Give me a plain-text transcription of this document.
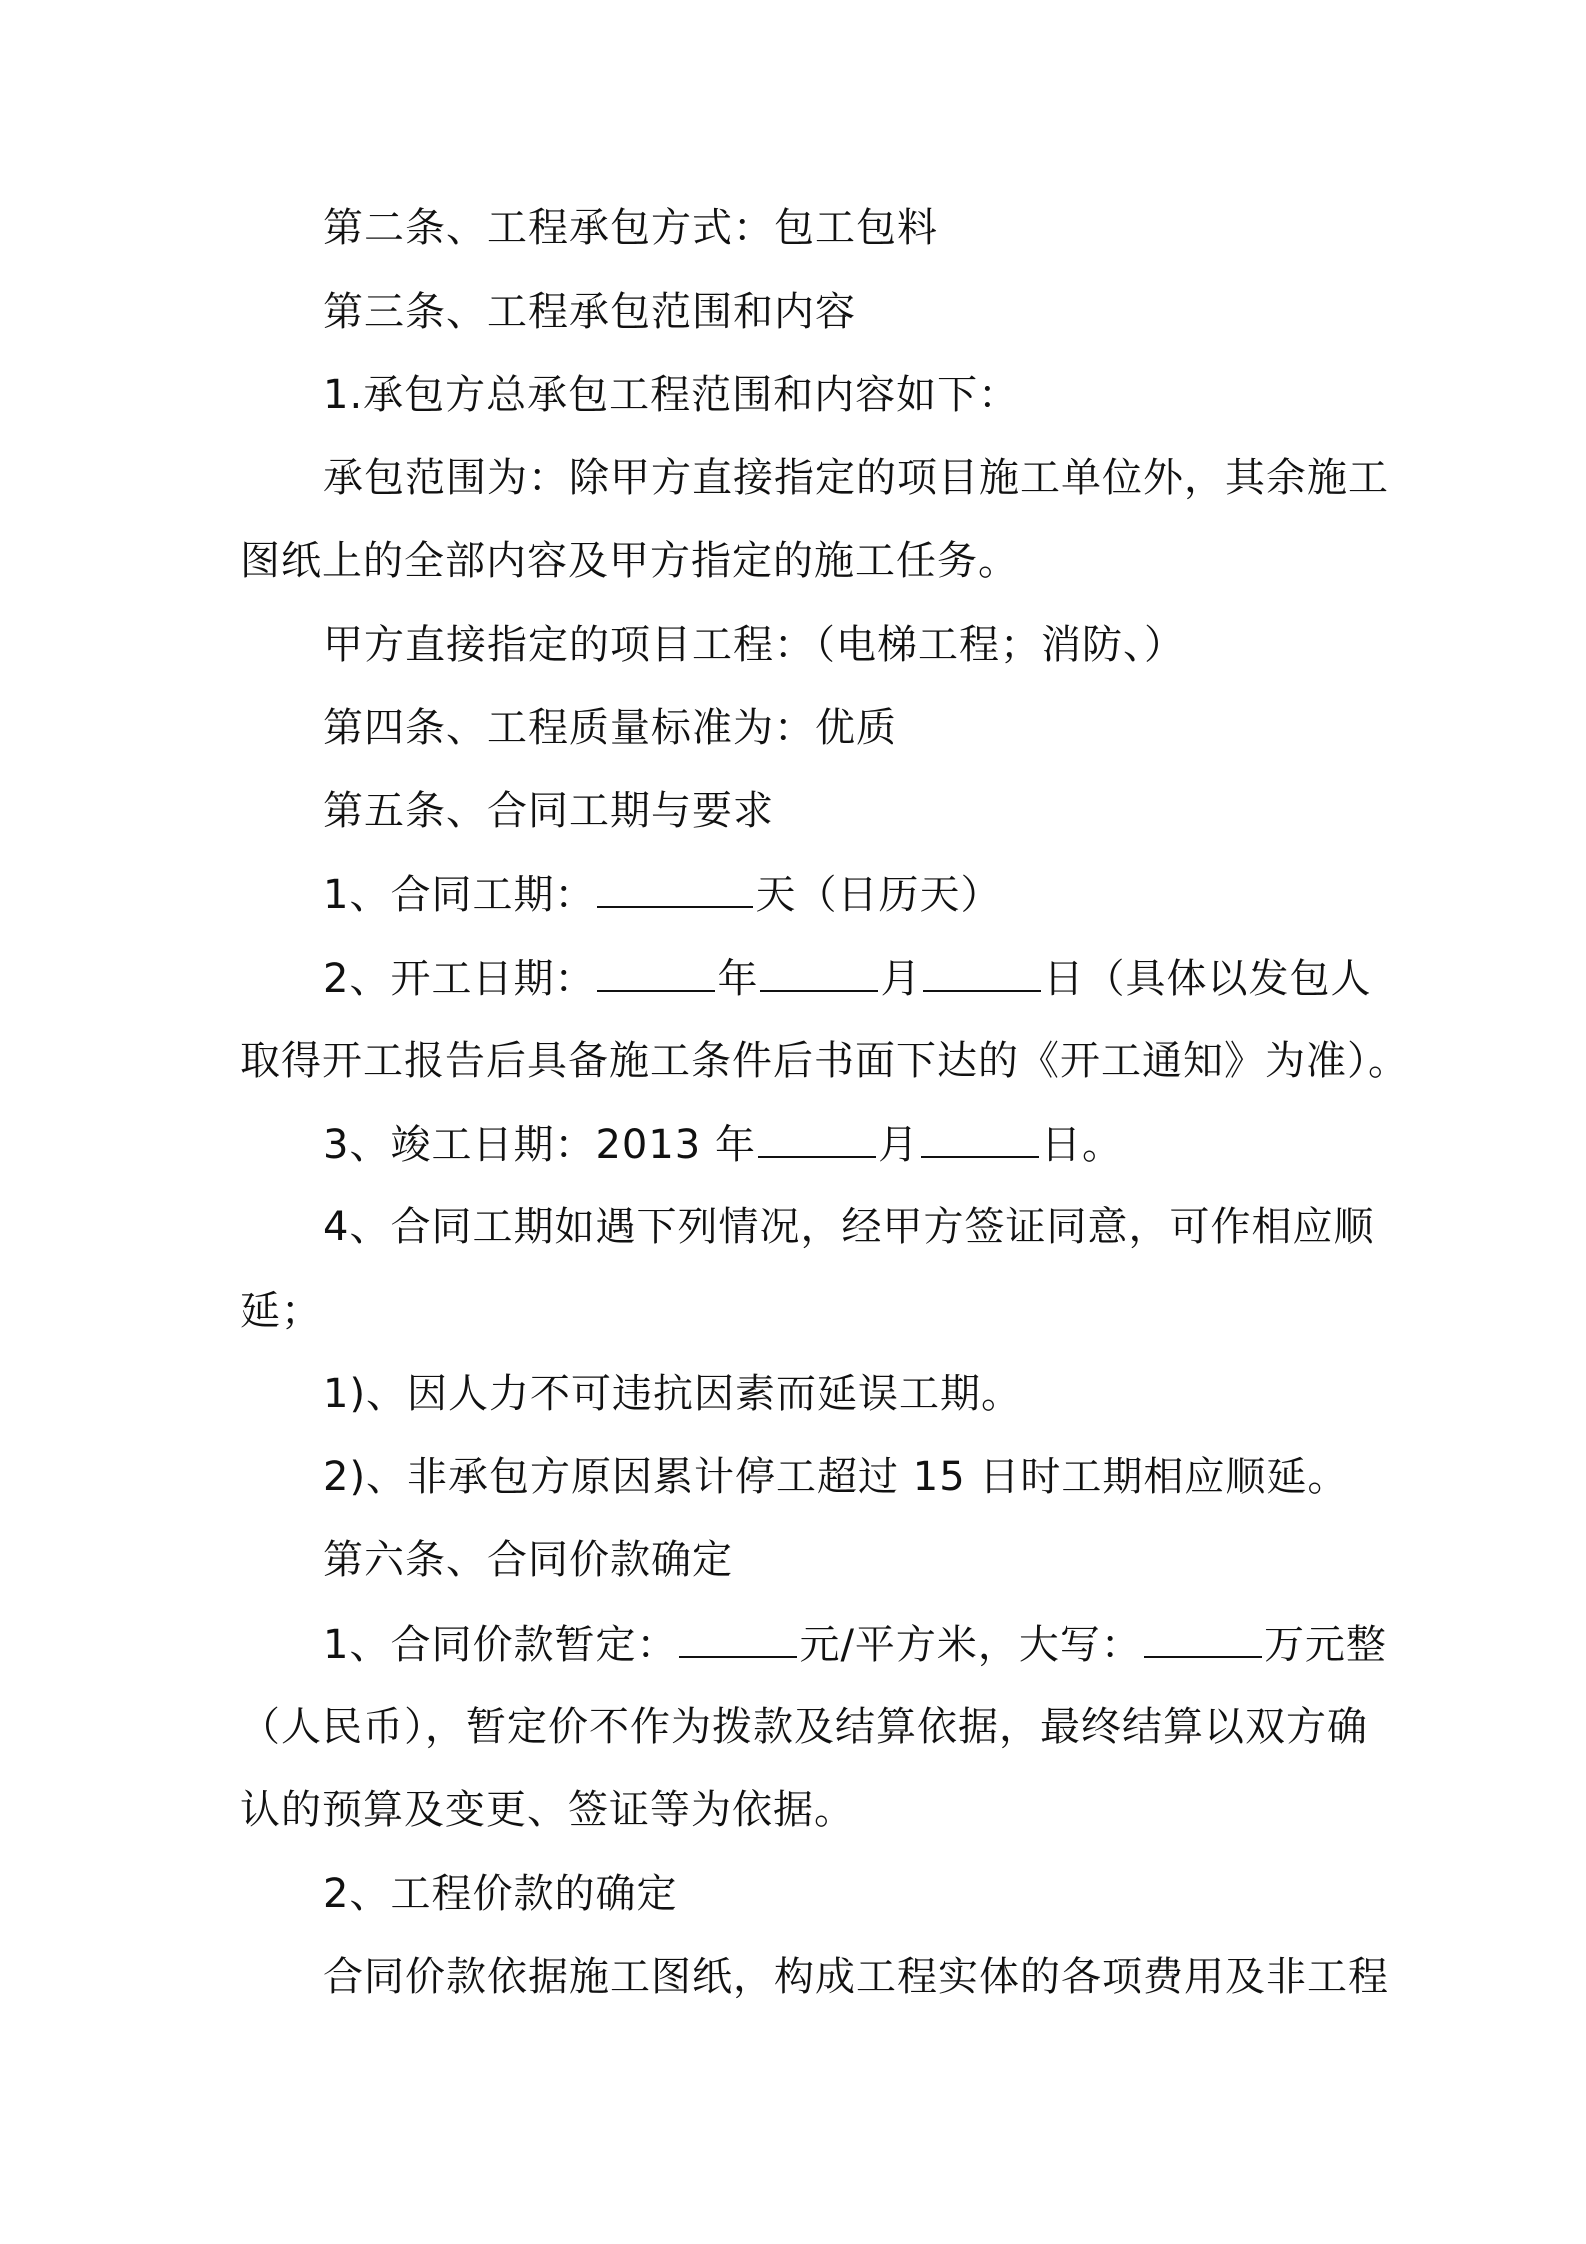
第二条、工程承包方式：包工包料
第三条、工程承包范围和内容
1.承包方总承包工程范围和内容如下：
承包范围为：除甲方直接指定的项目施工单位外，其余施工
图纸上的全部内容及甲方指定的施工任务。
甲方直接指定的项目工程：（电梯工程；消防、）
第四条、工程质量标准为：优质
第五条、合同工期与要求
1、合同工期：	天（日历天）
2、开工日期：	年	月	日（具体以发包人
取得开工报告后具备施工条件后书面下达的《开工通知》为准）。
3、竣工日期：2013 年	月	日。
4、合同工期如遇下列情况，经甲方签证同意，可作相应顺
延；
1)、因人力不可违抗因素而延误工期。
2)、非承包方原因累计停工超过 15 日时工期相应顺延。
第六条、合同价款确定
1、合同价款暂定：	元/平方米，大写：	万元整
（人民币），暂定价不作为拨款及结算依据，最终结算以双方确
认的预算及变更、签证等为依据。
2、工程价款的确定
合同价款依据施工图纸，构成工程实体的各项费用及非工程
